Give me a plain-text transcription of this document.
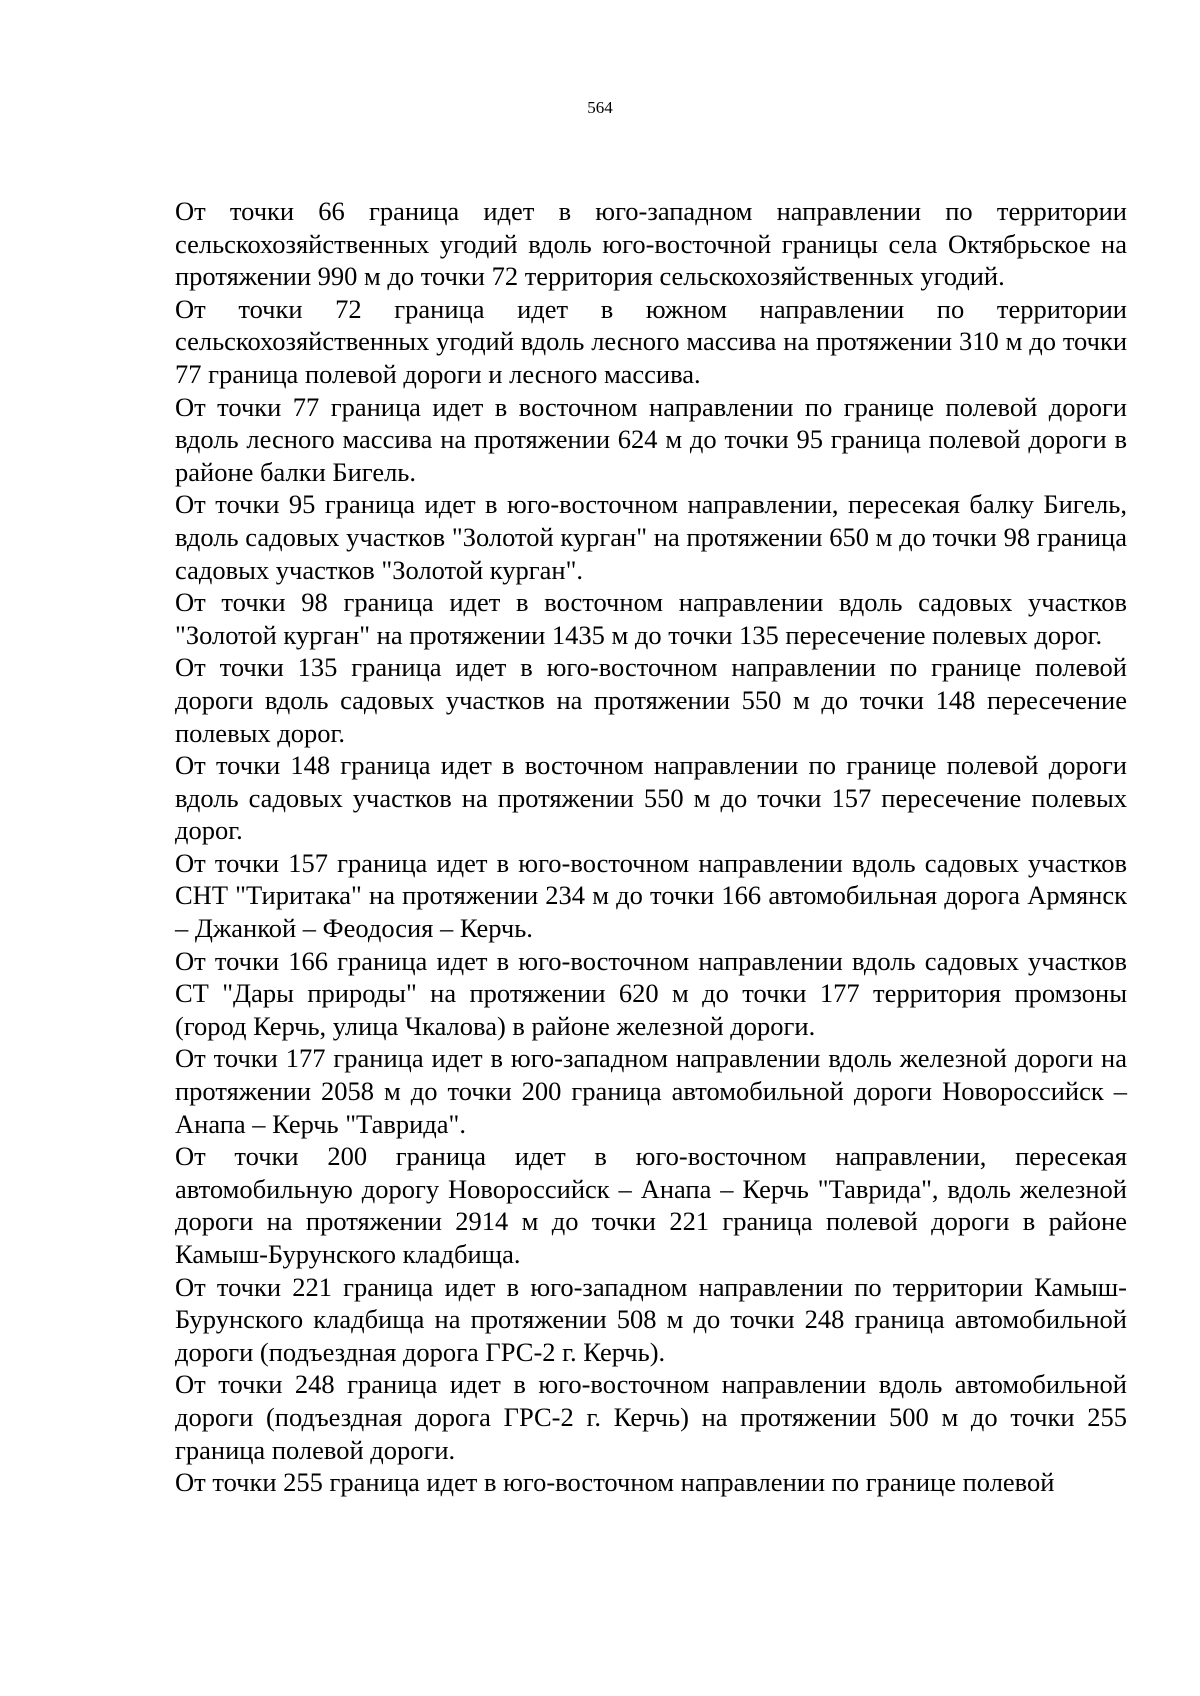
564

От точки 66 граница идет в юго-западном направлении по территории сельскохозяйственных угодий вдоль юго-восточной границы села Октябрьское на протяжении 990 м до точки 72 территория сельскохозяйственных угодий.

От точки 72 граница идет в южном направлении по территории сельскохозяйственных угодий вдоль лесного массива на протяжении 310 м до точки 77 граница полевой дороги и лесного массива.

От точки 77 граница идет в восточном направлении по границе полевой дороги вдоль лесного массива на протяжении 624 м до точки 95 граница полевой дороги в районе балки Бигель.

От точки 95 граница идет в юго-восточном направлении, пересекая балку Бигель, вдоль садовых участков "Золотой курган" на протяжении 650 м до точки 98 граница садовых участков "Золотой курган".

От точки 98 граница идет в восточном направлении вдоль садовых участков "Золотой курган" на протяжении 1435 м до точки 135 пересечение полевых дорог.

От точки 135 граница идет в юго-восточном направлении по границе полевой дороги вдоль садовых участков на протяжении 550 м до точки 148 пересечение полевых дорог.

От точки 148 граница идет в восточном направлении по границе полевой дороги вдоль садовых участков на протяжении 550 м до точки 157 пересечение полевых дорог.

От точки 157 граница идет в юго-восточном направлении вдоль садовых участков СНТ "Тиритака" на протяжении 234 м до точки 166 автомобильная дорога Армянск – Джанкой – Феодосия – Керчь.

От точки 166 граница идет в юго-восточном направлении вдоль садовых участков СТ "Дары природы" на протяжении 620 м до точки 177 территория промзоны (город Керчь, улица Чкалова) в районе железной дороги.

От точки 177 граница идет в юго-западном направлении вдоль железной дороги на протяжении 2058 м до точки 200 граница автомобильной дороги Новороссийск – Анапа – Керчь "Таврида".

От точки 200 граница идет в юго-восточном направлении, пересекая автомобильную дорогу Новороссийск – Анапа – Керчь "Таврида", вдоль железной дороги на протяжении 2914 м до точки 221 граница полевой дороги в районе Камыш-Бурунского кладбища.

От точки 221 граница идет в юго-западном направлении по территории Камыш-Бурунского кладбища на протяжении 508 м до точки 248 граница автомобильной дороги (подъездная дорога ГРС-2 г. Керчь).

От точки 248 граница идет в юго-восточном направлении вдоль автомобильной дороги (подъездная дорога ГРС-2 г. Керчь) на протяжении 500 м до точки 255 граница полевой дороги.

От точки 255 граница идет в юго-восточном направлении по границе полевой
